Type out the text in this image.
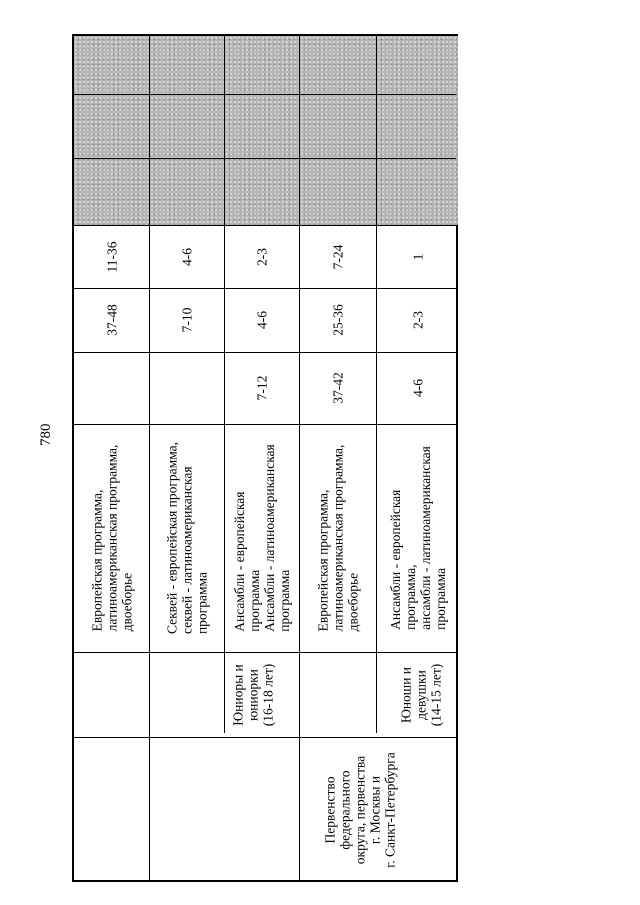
780
11-36
37-48
Европейская программа, латиноамериканская программа, двоеборье
4-6
7-10
Секвей - европейская программа, секвей - латиноамериканская программа
2-3
4-6
7-12
Ансамбли - европейская программа Ансамбли - латиноамериканская программа
7-24
25-36
37-42
Европейская программа, латиноамериканская программа, двоеборье
1
2-3
4-6
Ансамбли - европейская программа, ансамбли - латиноамериканская программа
Юниоры и юниорки (16-18 лет)	Юноши и девушки (14-15 лет)
Первенство федерального округа, первенства г. Москвы и г. Санкт-Петербурга
